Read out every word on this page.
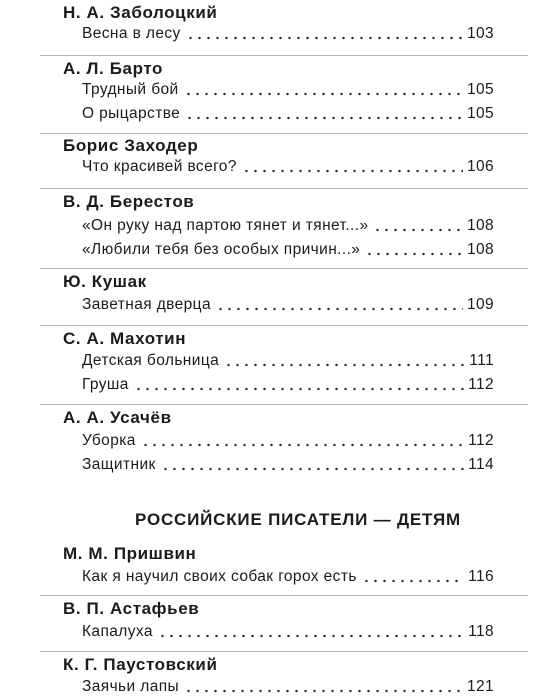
Н. А. Заболоцкий
Весна в лесу	103
А. Л. Барто
Трудный бой	105
О рыцарстве	105
Борис Заходер
Что красивей всего?	106
В. Д. Берестов
«Он руку над партою тянет и тянет...»	108
«Любили тебя без особых причин...»	108
Ю. Кушак
Заветная дверца	109
С. А. Махотин
Детская больница	111
Груша	112
А. А. Усачёв
Уборка	112
Защитник	114
РОССИЙСКИЕ ПИСАТЕЛИ — ДЕТЯМ
М. М. Пришвин
Как я научил своих собак горох есть	116
В. П. Астафьев
Капалуха	118
К. Г. Паустовский
Заячьи лапы	121
